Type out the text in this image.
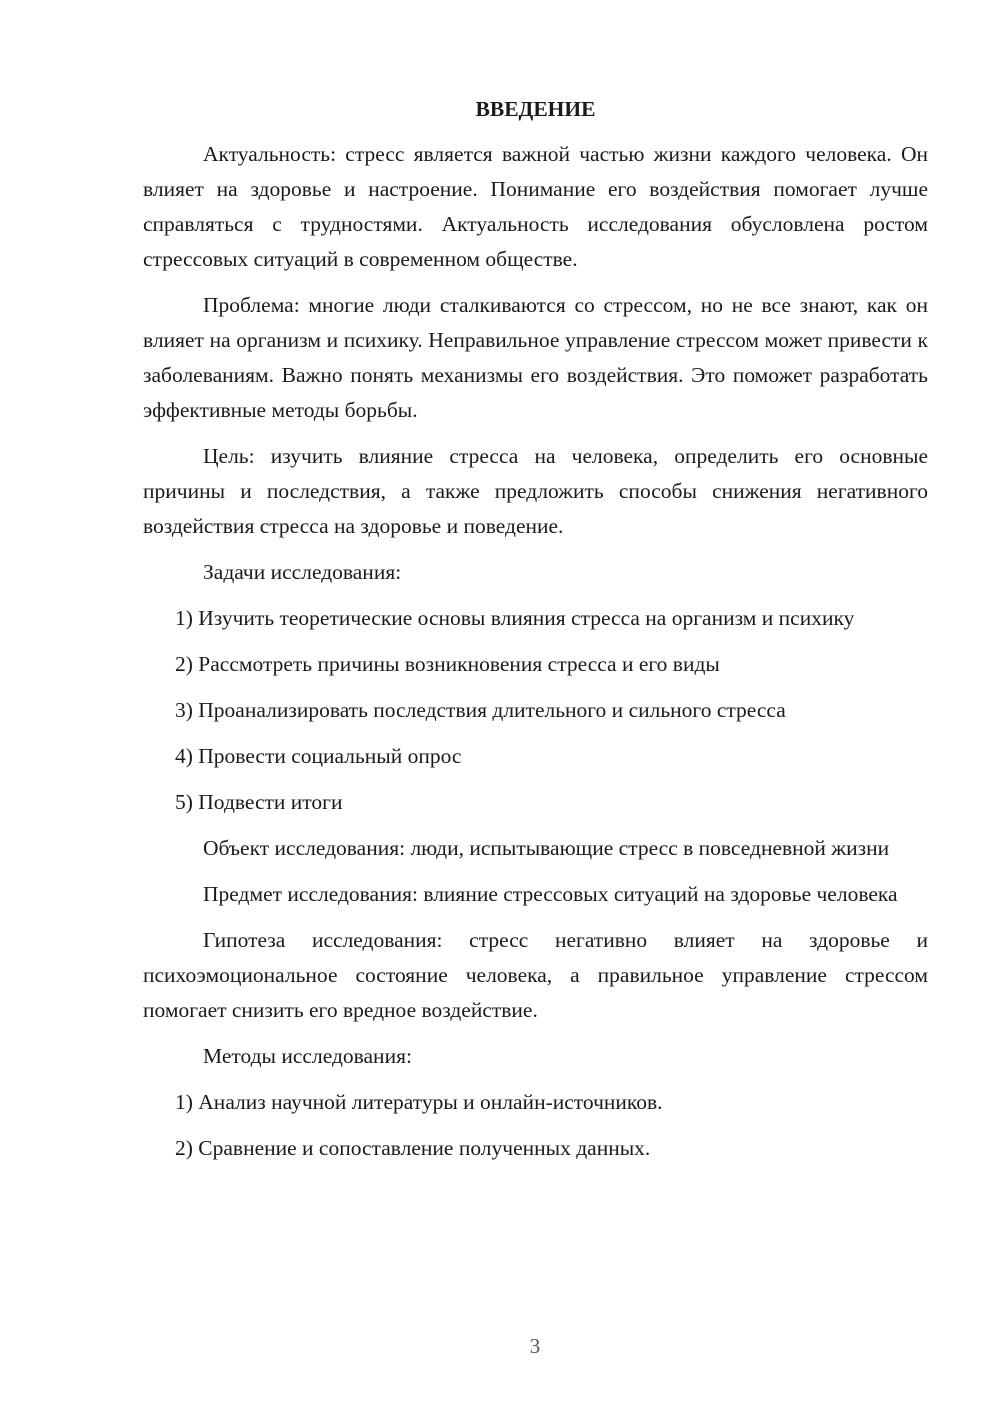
ВВЕДЕНИЕ

Актуальность: стресс является важной частью жизни каждого человека. Он влияет на здоровье и настроение. Понимание его воздействия помогает лучше справляться с трудностями. Актуальность исследования обусловлена ростом стрессовых ситуаций в современном обществе.

Проблема: многие люди сталкиваются со стрессом, но не все знают, как он влияет на организм и психику. Неправильное управление стрессом может привести к заболеваниям. Важно понять механизмы его воздействия. Это поможет разработать эффективные методы борьбы.

Цель: изучить влияние стресса на человека, определить его основные причины и последствия, а также предложить способы снижения негативного воздействия стресса на здоровье и поведение.

Задачи исследования:

1) Изучить теоретические основы влияния стресса на организм и психику

2) Рассмотреть причины возникновения стресса и его виды

3) Проанализировать последствия длительного и сильного стресса

4) Провести социальный опрос

5) Подвести итоги

Объект исследования: люди, испытывающие стресс в повседневной жизни

Предмет исследования: влияние стрессовых ситуаций на здоровье человека

Гипотеза исследования: стресс негативно влияет на здоровье и психоэмоциональное состояние человека, а правильное управление стрессом помогает снизить его вредное воздействие.

Методы исследования:

1) Анализ научной литературы и онлайн-источников.

2) Сравнение и сопоставление полученных данных.

3
